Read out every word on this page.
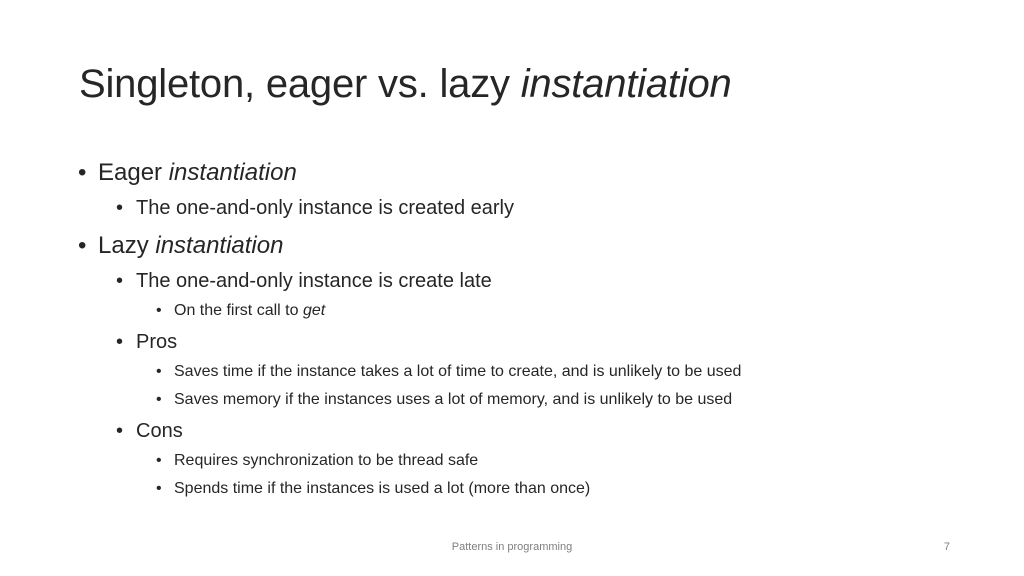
Singleton, eager vs. lazy instantiation
• Eager instantiation
• The one-and-only instance is created early
• Lazy instantiation
• The one-and-only instance is create late
• On the first call to get
• Pros
• Saves time if the instance takes a lot of time to create, and is unlikely to be used
• Saves memory if the instances uses a lot of memory, and is unlikely to be used
• Cons
• Requires synchronization to be thread safe
• Spends time if the instances is used a lot (more than once)
Patterns in programming	7
